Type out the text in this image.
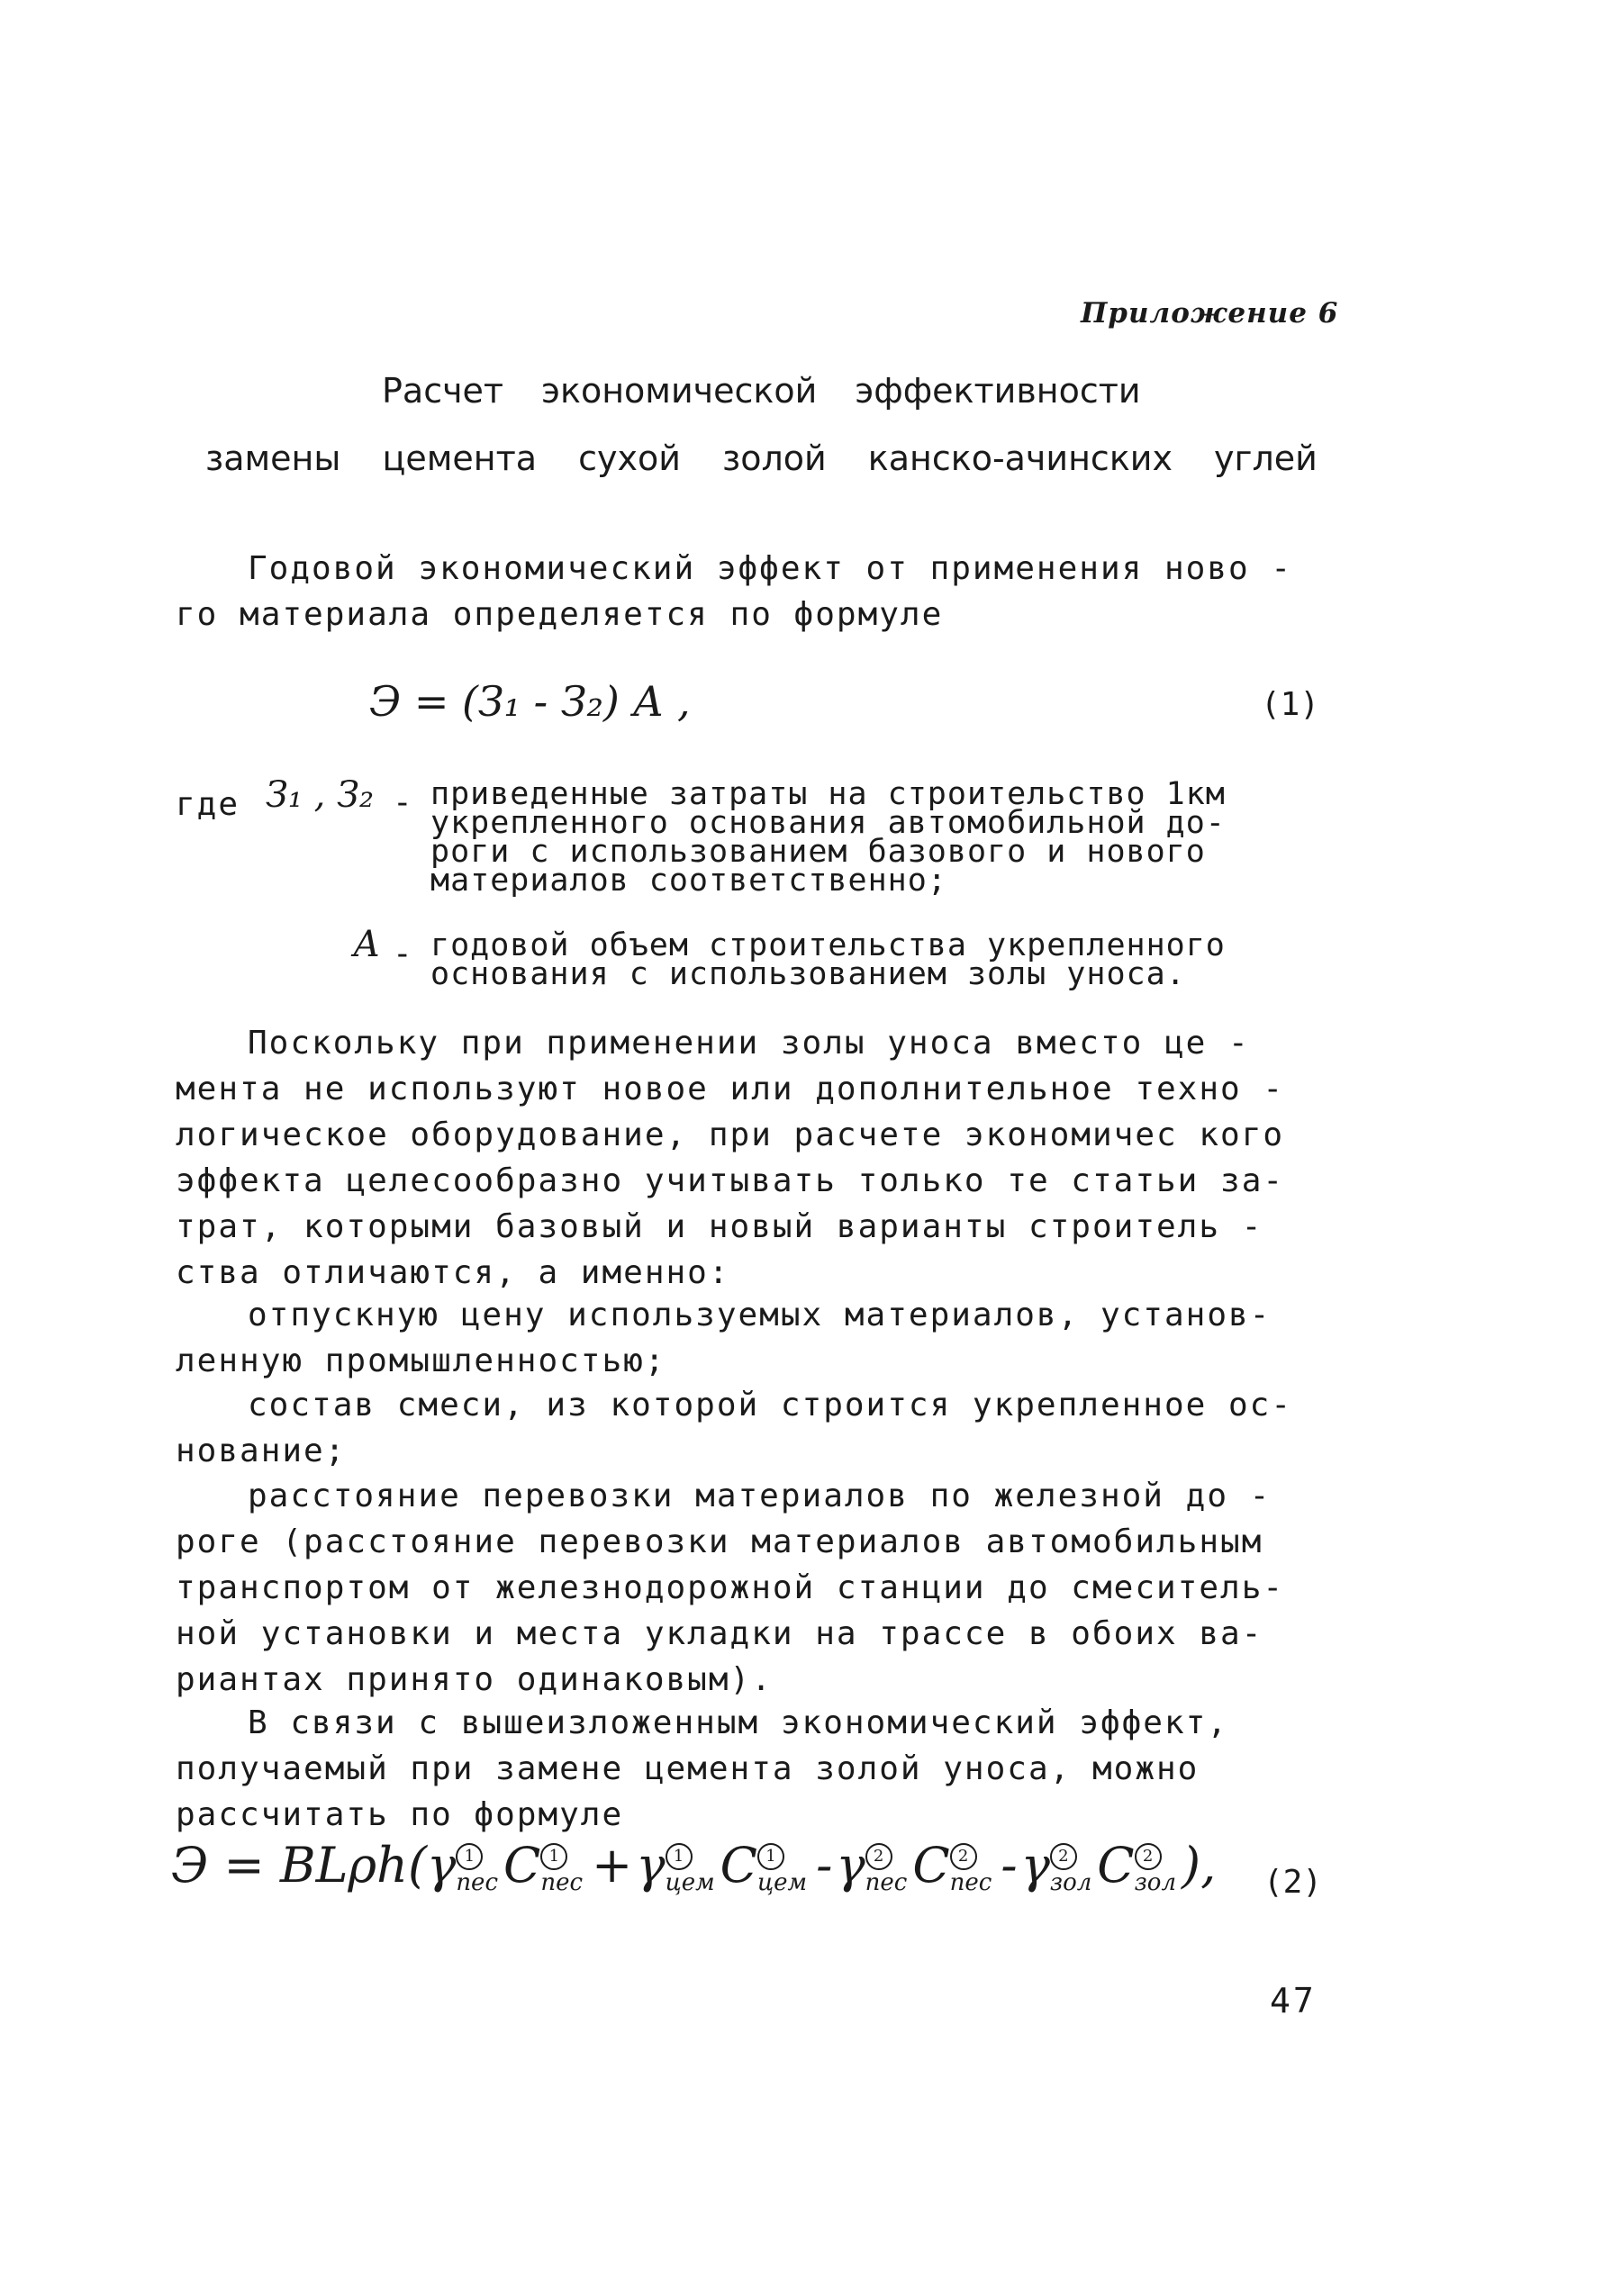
Приложение 6
Расчет экономической эффективности
замены цемента сухой золой канско-ачинских углей
Годовой экономический эффект от применения ново -
го материала определяется по формуле
Э = (З₁ - З₂) А ,	(1)
где З₁ , З₂ - приведенные затраты на строительство 1км
укрепленного основания автомобильной до-
роги с использованием базового и нового
материалов соответственно;
А - годовой объем строительства укрепленного
основания с использованием золы уноса.
Поскольку при применении золы уноса вместо це -
мента не используют новое или дополнительное техно -
логическое оборудование, при расчете экономичес кого
эффекта целесообразно учитывать только те статьи за-
трат, которыми базовый и новый варианты строитель -
ства отличаются, а именно:
отпускную цену используемых материалов, установ-
ленную промышленностью;
состав смеси, из которой строится укрепленное ос-
нование;
расстояние перевозки материалов по железной до -
роге (расстояние перевозки материалов автомобильным
транспортом от железнодорожной станции до смеситель-
ной установки и места укладки на трассе в обоих ва-
риантах принято одинаковым).
В связи с вышеизложенным экономический эффект,
получаемый при замене цемента золой уноса, можно
рассчитать по формуле
Э = ВLρh(γ 1
пес С 1
пес +γ 1
цем С 1
цем -γ 2
пес С 2
пес -γ 2
зол С 2
зол ), (2)
47
